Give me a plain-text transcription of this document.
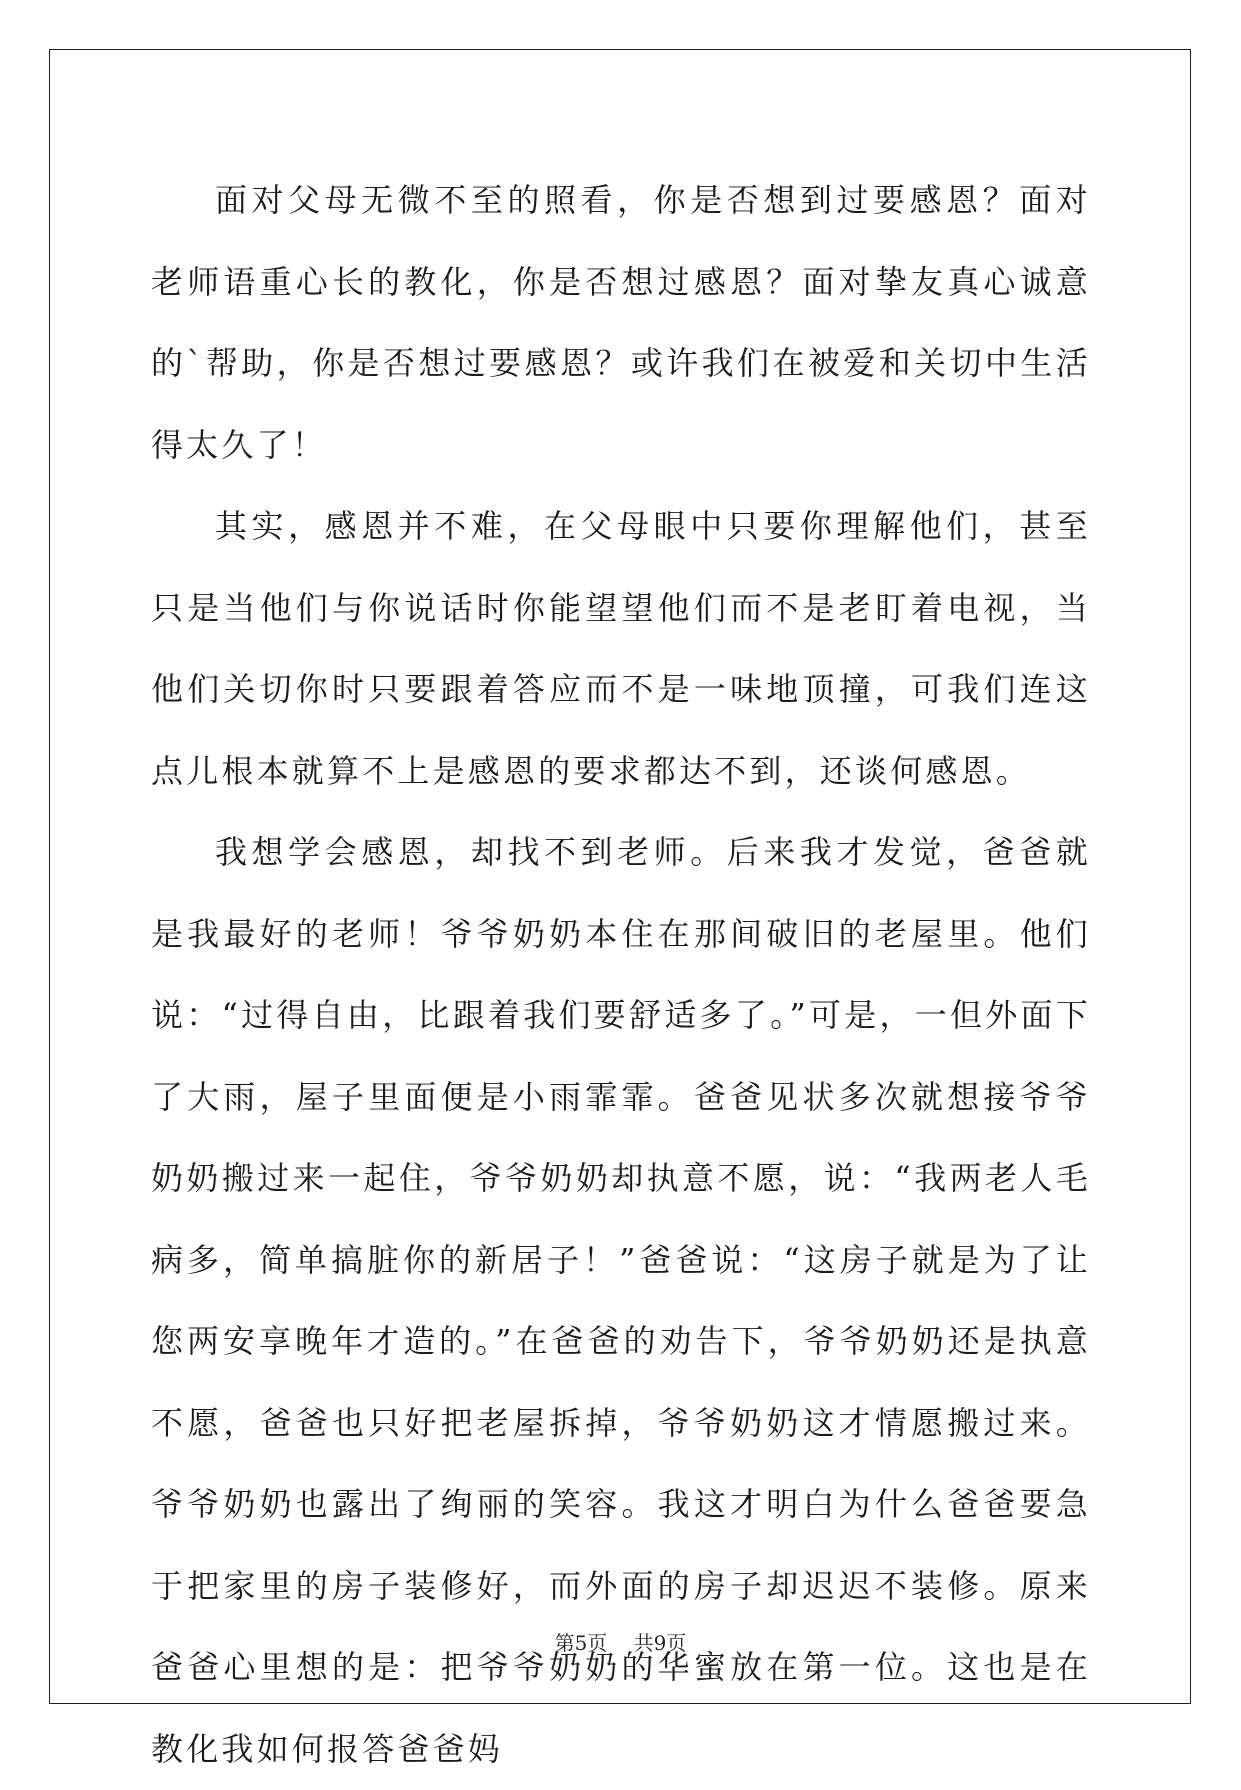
面对父母无微不至的照看，你是否想到过要感恩？面对老师语重心长的教化，你是否想过感恩？面对挚友真心诚意的`帮助，你是否想过要感恩？或许我们在被爱和关切中生活得太久了！

其实，感恩并不难，在父母眼中只要你理解他们，甚至只是当他们与你说话时你能望望他们而不是老盯着电视，当他们关切你时只要跟着答应而不是一味地顶撞，可我们连这点儿根本就算不上是感恩的要求都达不到，还谈何感恩。

我想学会感恩，却找不到老师。后来我才发觉，爸爸就是我最好的老师！爷爷奶奶本住在那间破旧的老屋里。他们说：“过得自由，比跟着我们要舒适多了。”可是，一但外面下了大雨，屋子里面便是小雨霏霏。爸爸见状多次就想接爷爷奶奶搬过来一起住，爷爷奶奶却执意不愿，说：“我两老人毛病多，简单搞脏你的新居子！”爸爸说：“这房子就是为了让您两安享晚年才造的。”在爸爸的劝告下，爷爷奶奶还是执意不愿，爸爸也只好把老屋拆掉，爷爷奶奶这才情愿搬过来。爷爷奶奶也露出了绚丽的笑容。我这才明白为什么爸爸要急于把家里的房子装修好，而外面的房子却迟迟不装修。原来爸爸心里想的是：把爷爷奶奶的华蜜放在第一位。这也是在教化我如何报答爸爸妈

第5页 共9页
